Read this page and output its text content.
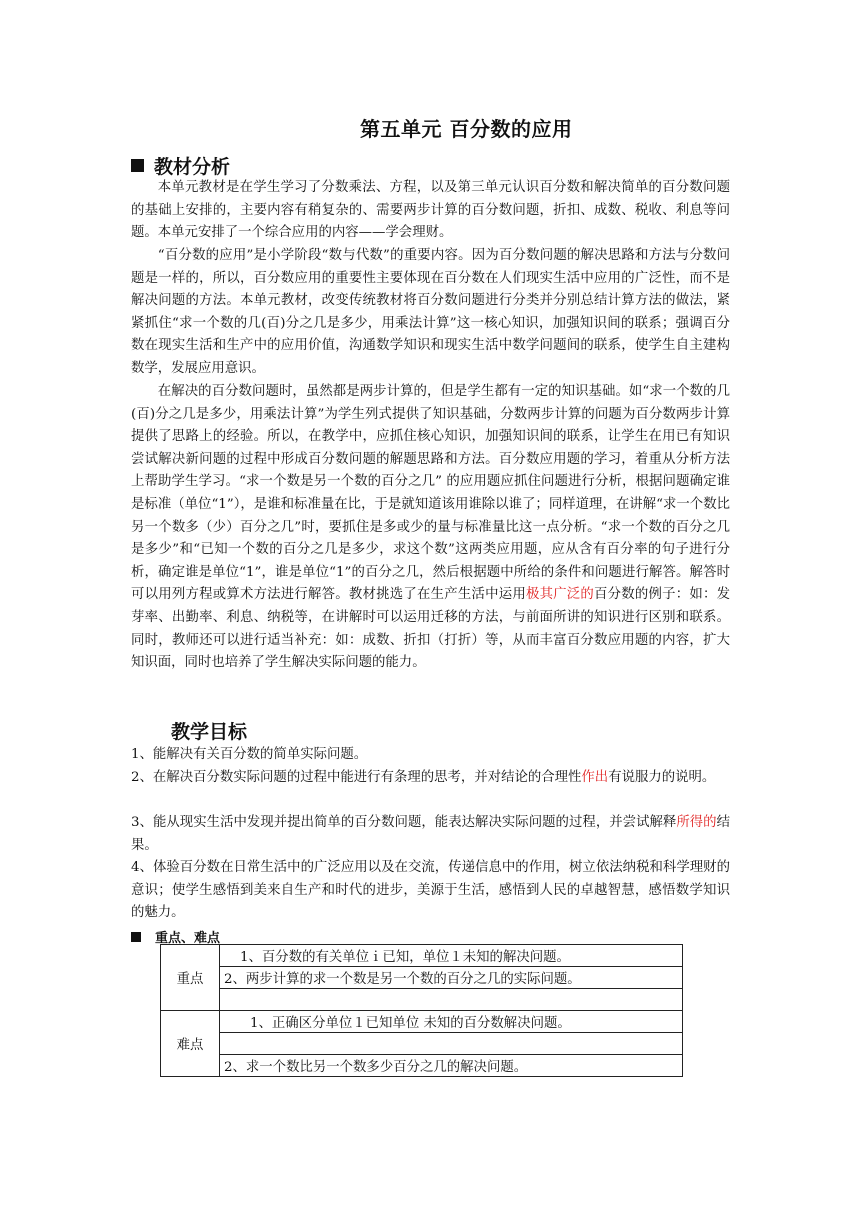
第五单元 百分数的应用
教材分析

本单元教材是在学生学习了分数乘法、方程，以及第三单元认识百分数和解决简单的百分数问题的基础上安排的，主要内容有稍复杂的、需要两步计算的百分数问题，折扣、成数、税收、利息等问题。本单元安排了一个综合应用的内容——学会理财。

“百分数的应用”是小学阶段“数与代数”的重要内容。因为百分数问题的解决思路和方法与分数问题是一样的，所以，百分数应用的重要性主要体现在百分数在人们现实生活中应用的广泛性，而不是解决问题的方法。本单元教材，改变传统教材将百分数问题进行分类并分别总结计算方法的做法，紧紧抓住“求一个数的几(百)分之几是多少，用乘法计算”这一核心知识，加强知识间的联系；强调百分数在现实生活和生产中的应用价值，沟通数学知识和现实生活中数学问题间的联系，使学生自主建构数学，发展应用意识。

在解决的百分数问题时，虽然都是两步计算的，但是学生都有一定的知识基础。如“求一个数的几(百)分之几是多少，用乘法计算”为学生列式提供了知识基础，分数两步计算的问题为百分数两步计算提供了思路上的经验。所以，在教学中，应抓住核心知识，加强知识间的联系，让学生在用已有知识尝试解决新问题的过程中形成百分数问题的解题思路和方法。百分数应用题的学习，着重从分析方法上帮助学生学习。“求一个数是另一个数的百分之几” 的应用题应抓住问题进行分析，根据问题确定谁是标准（单位“1”），是谁和标准量在比，于是就知道该用谁除以谁了；同样道理，在讲解“求一个数比另一个数多（少）百分之几”时，要抓住是多或少的量与标准量比这一点分析。“求一个数的百分之几是多少”和“已知一个数的百分之几是多少，求这个数”这两类应用题，应从含有百分率的句子进行分析，确定谁是单位“1”，谁是单位“1”的百分之几，然后根据题中所给的条件和问题进行解答。解答时可以用列方程或算术方法进行解答。教材挑选了在生产生活中运用极其广泛的百分数的例子：如：发芽率、出勤率、利息、纳税等，在讲解时可以运用迁移的方法，与前面所讲的知识进行区别和联系。同时，教师还可以进行适当补充：如：成数、折扣（打折）等，从而丰富百分数应用题的内容，扩大知识面，同时也培养了学生解决实际问题的能力。

教学目标

1、能解决有关百分数的简单实际问题。

2、在解决百分数实际问题的过程中能进行有条理的思考，并对结论的合理性作出有说服力的说明。

3、能从现实生活中发现并提出简单的百分数问题，能表达解决实际问题的过程，并尝试解释所得的结果。

4、体验百分数在日常生活中的广泛应用以及在交流，传递信息中的作用，树立依法纳税和科学理财的意识；使学生感悟到美来自生产和时代的进步，美源于生活，感悟到人民的卓越智慧，感悟数学知识的魅力。

重点、难点
重点	1、百分数的有关单位ｉ已知，单位１未知的解决问题。
	2、两步计算的求一个数是另一个数的百分之几的实际问题。

难点	1、正确区分单位１已知单位 未知的百分数解决问题。

	2、求一个数比另一个数多少百分之几的解决问题。
